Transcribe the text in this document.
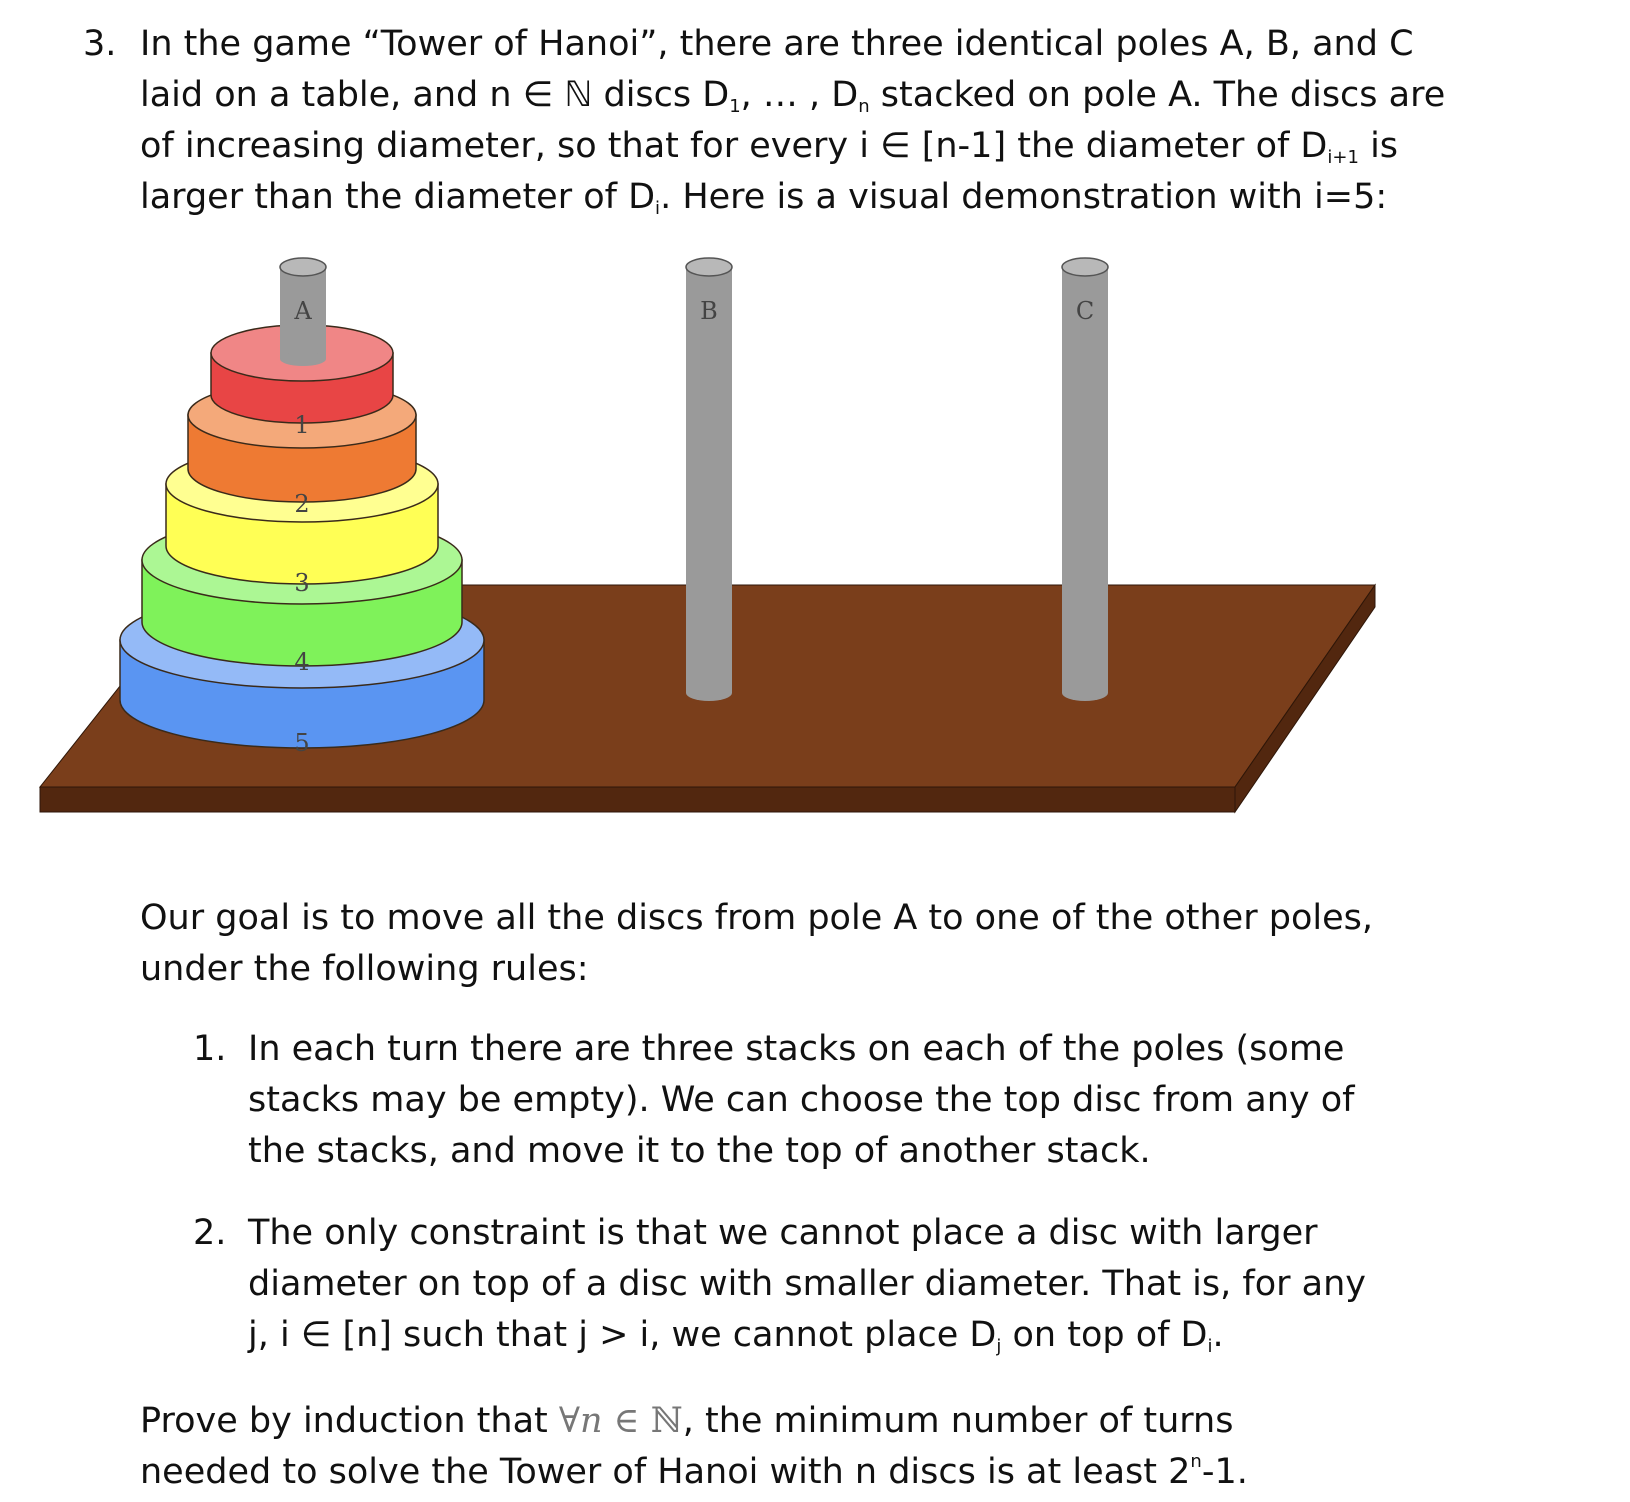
3. In the game “Tower of Hanoi”, there are three identical poles A, B, and C
laid on a table, and n ∈ ℕ discs $D_1$, … , $D_n$ stacked on pole A. The discs are
of increasing diameter, so that for every i ∈ [n-1] the diameter of $D_{i+1}$ is
larger than the diameter of $D_i$. Here is a visual demonstration with i=5:
B	C
5
4
3
2
1
A
Our goal is to move all the discs from pole A to one of the other poles,
under the following rules:
1. In each turn there are three stacks on each of the poles (some
stacks may be empty). We can choose the top disc from any of
the stacks, and move it to the top of another stack.
2. The only constraint is that we cannot place a disc with larger
diameter on top of a disc with smaller diameter. That is, for any
j, i ∈ [n] such that j > i, we cannot place $D_j$ on top of $D_i$.
Prove by induction that ∀n ∈ ℕ, the minimum number of turns
needed to solve the Tower of Hanoi with n discs is at least 2$^n$-1.
